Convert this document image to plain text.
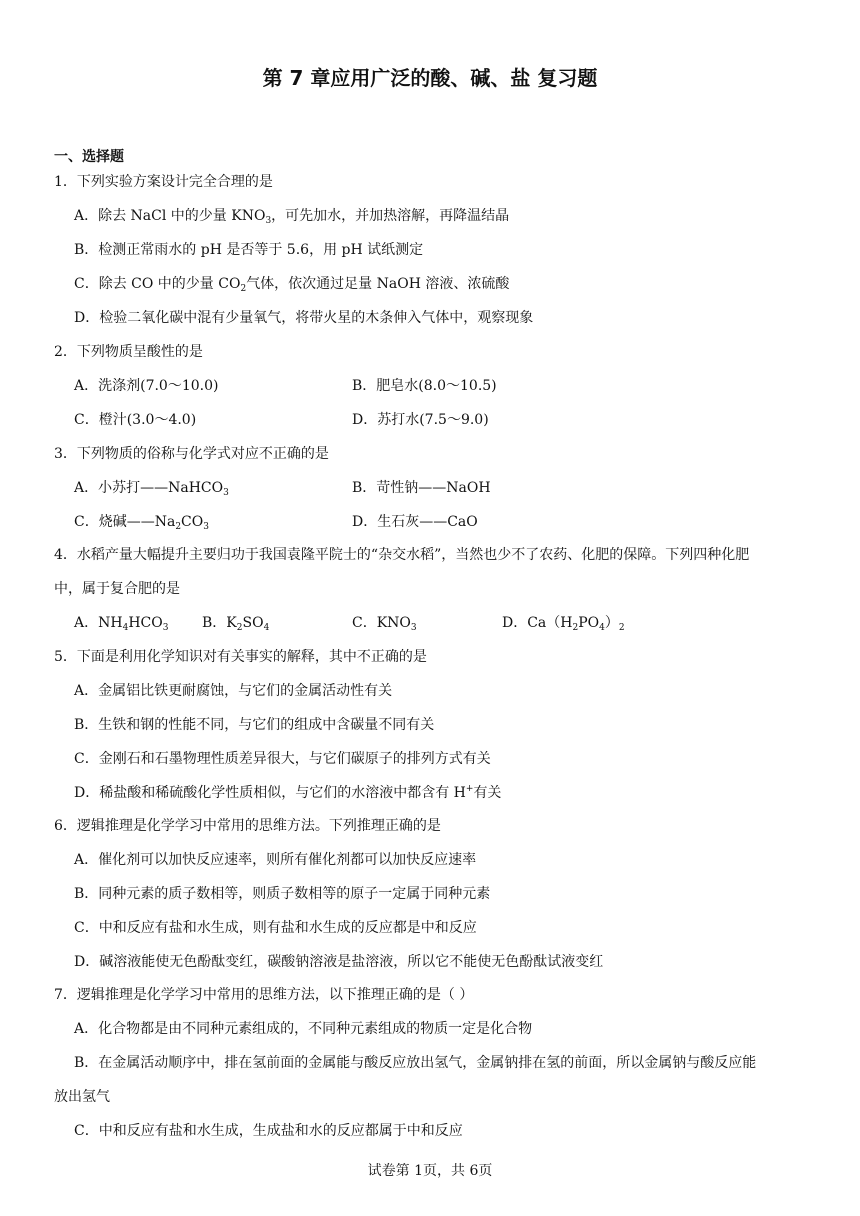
第 7 章应用广泛的酸、碱、盐 复习题
一、选择题
1．下列实验方案设计完全合理的是
A．除去 NaCl 中的少量 $KNO_3$，可先加水，并加热溶解，再降温结晶
B．检测正常雨水的 pH 是否等于 5.6，用 pH 试纸测定
C．除去 CO 中的少量 $CO_2$气体，依次通过足量 NaOH 溶液、浓硫酸
D．检验二氧化碳中混有少量氧气，将带火星的木条伸入气体中，观察现象
2．下列物质呈酸性的是
A．洗涤剂(7.0～10.0)	B．肥皂水(8.0～10.5)
C．橙汁(3.0～4.0)	D．苏打水(7.5～9.0)
3．下列物质的俗称与化学式对应不正确的是
A．小苏打——NaHCO$_3$	B．苛性钠——NaOH
C．烧碱$——Na_2CO_3$	D．生石灰——CaO
4．水稻产量大幅提升主要归功于我国袁隆平院士的“杂交水稻”，当然也少不了农药、化肥的保障。下列四种化肥
中，属于复合肥的是
A．$NH_4HCO_3$ B．$K_2SO_4$	C．$KNO_3$	D．$Ca(H_2PO_4)_2$
5．下面是利用化学知识对有关事实的解释，其中不正确的是
A．金属铝比铁更耐腐蚀，与它们的金属活动性有关
B．生铁和钢的性能不同，与它们的组成中含碳量不同有关
C．金刚石和石墨物理性质差异很大，与它们碳原子的排列方式有关
D．稀盐酸和稀硫酸化学性质相似，与它们的水溶液中都含有 H+有关
6．逻辑推理是化学学习中常用的思维方法。下列推理正确的是
A．催化剂可以加快反应速率，则所有催化剂都可以加快反应速率
B．同种元素的质子数相等，则质子数相等的原子一定属于同种元素
C．中和反应有盐和水生成，则有盐和水生成的反应都是中和反应
D．碱溶液能使无色酚酞变红，碳酸钠溶液是盐溶液，所以它不能使无色酚酞试液变红
7．逻辑推理是化学学习中常用的思维方法，以下推理正确的是（ ）
A．化合物都是由不同种元素组成的，不同种元素组成的物质一定是化合物
B．在金属活动顺序中，排在氢前面的金属能与酸反应放出氢气，金属钠排在氢的前面，所以金属钠与酸反应能
放出氢气
C．中和反应有盐和水生成，生成盐和水的反应都属于中和反应
试卷第 1页，共 6页
